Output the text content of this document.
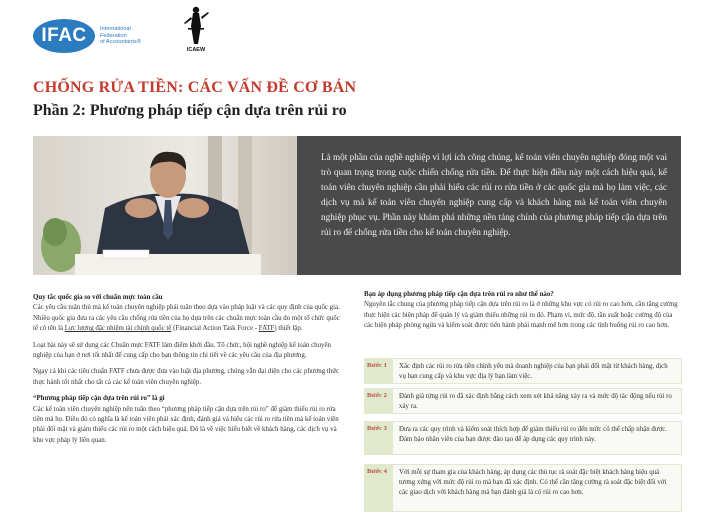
IFAC	International
Federation
of Accountants®
ICAEW
CHỐNG RỬA TIỀN: CÁC VẤN ĐỀ CƠ BẢN
Phần 2: Phương pháp tiếp cận dựa trên rủi ro

Là một phần của nghề nghiệp vì lợi ích công chúng, kế toán viên chuyên nghiệp đóng một vai trò quan trọng trong cuộc chiến chống rửa tiền. Để thực hiện điều này một cách hiệu quả, kế toán viên chuyên nghiệp cần phải hiểu các rủi ro rửa tiền ở các quốc gia mà họ làm việc, các dịch vụ mà kế toán viên chuyên nghiệp cung cấp và khách hàng mà kế toán viên chuyên nghiệp phục vụ. Phần này khám phá những nền tảng chính của phương pháp tiếp cận dựa trên rủi ro để chống rửa tiền cho kế toán chuyên nghiệp.

Quy tắc quốc gia so với chuẩn mực toàn cầu

Các yêu cầu tuân thủ mà kế toán chuyên nghiệp phải tuân theo dựa vào pháp luật và các quy định của quốc gia. Nhiều quốc gia đưa ra các yêu cầu chống rửa tiền của họ dựa trên các chuẩn mực toàn cầu do một tổ chức quốc tế có tên là Lực lượng đặc nhiệm tài chính quốc tế (Financial Action Task Force - FATF) thiết lập.

Loạt bài này sẽ sử dụng các Chuẩn mực FATF làm điểm khởi đầu. Tổ chức, hội nghề nghiệp kế toán chuyên nghiệp của bạn ở nơi tốt nhất để cung cấp cho bạn thông tin chi tiết về các yêu cầu của địa phương.

Ngay cả khi các tiêu chuẩn FATF chưa được đưa vào luật địa phương, chúng vẫn đại diện cho các phương thức thực hành tốt nhất cho tất cả các kế toán viên chuyên nghiệp.

“Phương pháp tiếp cận dựa trên rủi ro” là gì

Các kế toán viên chuyên nghiệp nên tuân theo “phương pháp tiếp cận dựa trên rủi ro” để giảm thiểu rủi ro rửa tiền mà họ. Điều đó có nghĩa là kế toán viên phải xác định, đánh giá và hiểu các rủi ro rửa tiền mà kế toán viên phải đối mặt và giảm thiểu các rủi ro một cách hiệu quả. Đó là về việc hiểu biết về khách hàng, các dịch vụ và khu vực pháp lý liên quan.

Bạn áp dụng phương pháp tiếp cận dựa trên rủi ro như thế nào?

Nguyên tắc chung của phương pháp tiếp cận dựa trên rủi ro là ở những khu vực có rủi ro cao hơn, cần tăng cường thực hiện các biện pháp để quản lý và giảm thiểu những rủi ro đó. Phạm vi, mức độ, tần suất hoặc cường độ của các biện pháp phòng ngừa và kiểm soát được tiến hành phải mạnh mẽ hơn trong các tình huống rủi ro cao hơn.

Bước 1	Xác định các rủi ro rửa tiền chính yếu mà doanh nghiệp của bạn phải đối mặt từ khách hàng, dịch vụ bạn cung cấp và khu vực địa lý bạn làm việc.
Bước 2	Đánh giá từng rủi ro đã xác định bằng cách xem xét khả năng xảy ra và mức độ tác động nếu rủi ro xảy ra.
Bước 3	Đưa ra các quy trình và kiểm soát thích hợp để giảm thiểu rủi ro đến mức có thể chấp nhận được. Đảm bảo nhân viên của bạn được đào tạo để áp dụng các quy trình này.
Bước 4	Với mỗi sự tham gia của khách hàng, áp dụng các thủ tục rà soát đặc biệt khách hàng hiệu quả tương xứng với mức độ rủi ro mà bạn đã xác định. Có thể cần tăng cường rà soát đặc biệt đối với các giao dịch với khách hàng mà bạn đánh giá là có rủi ro cao hơn.
